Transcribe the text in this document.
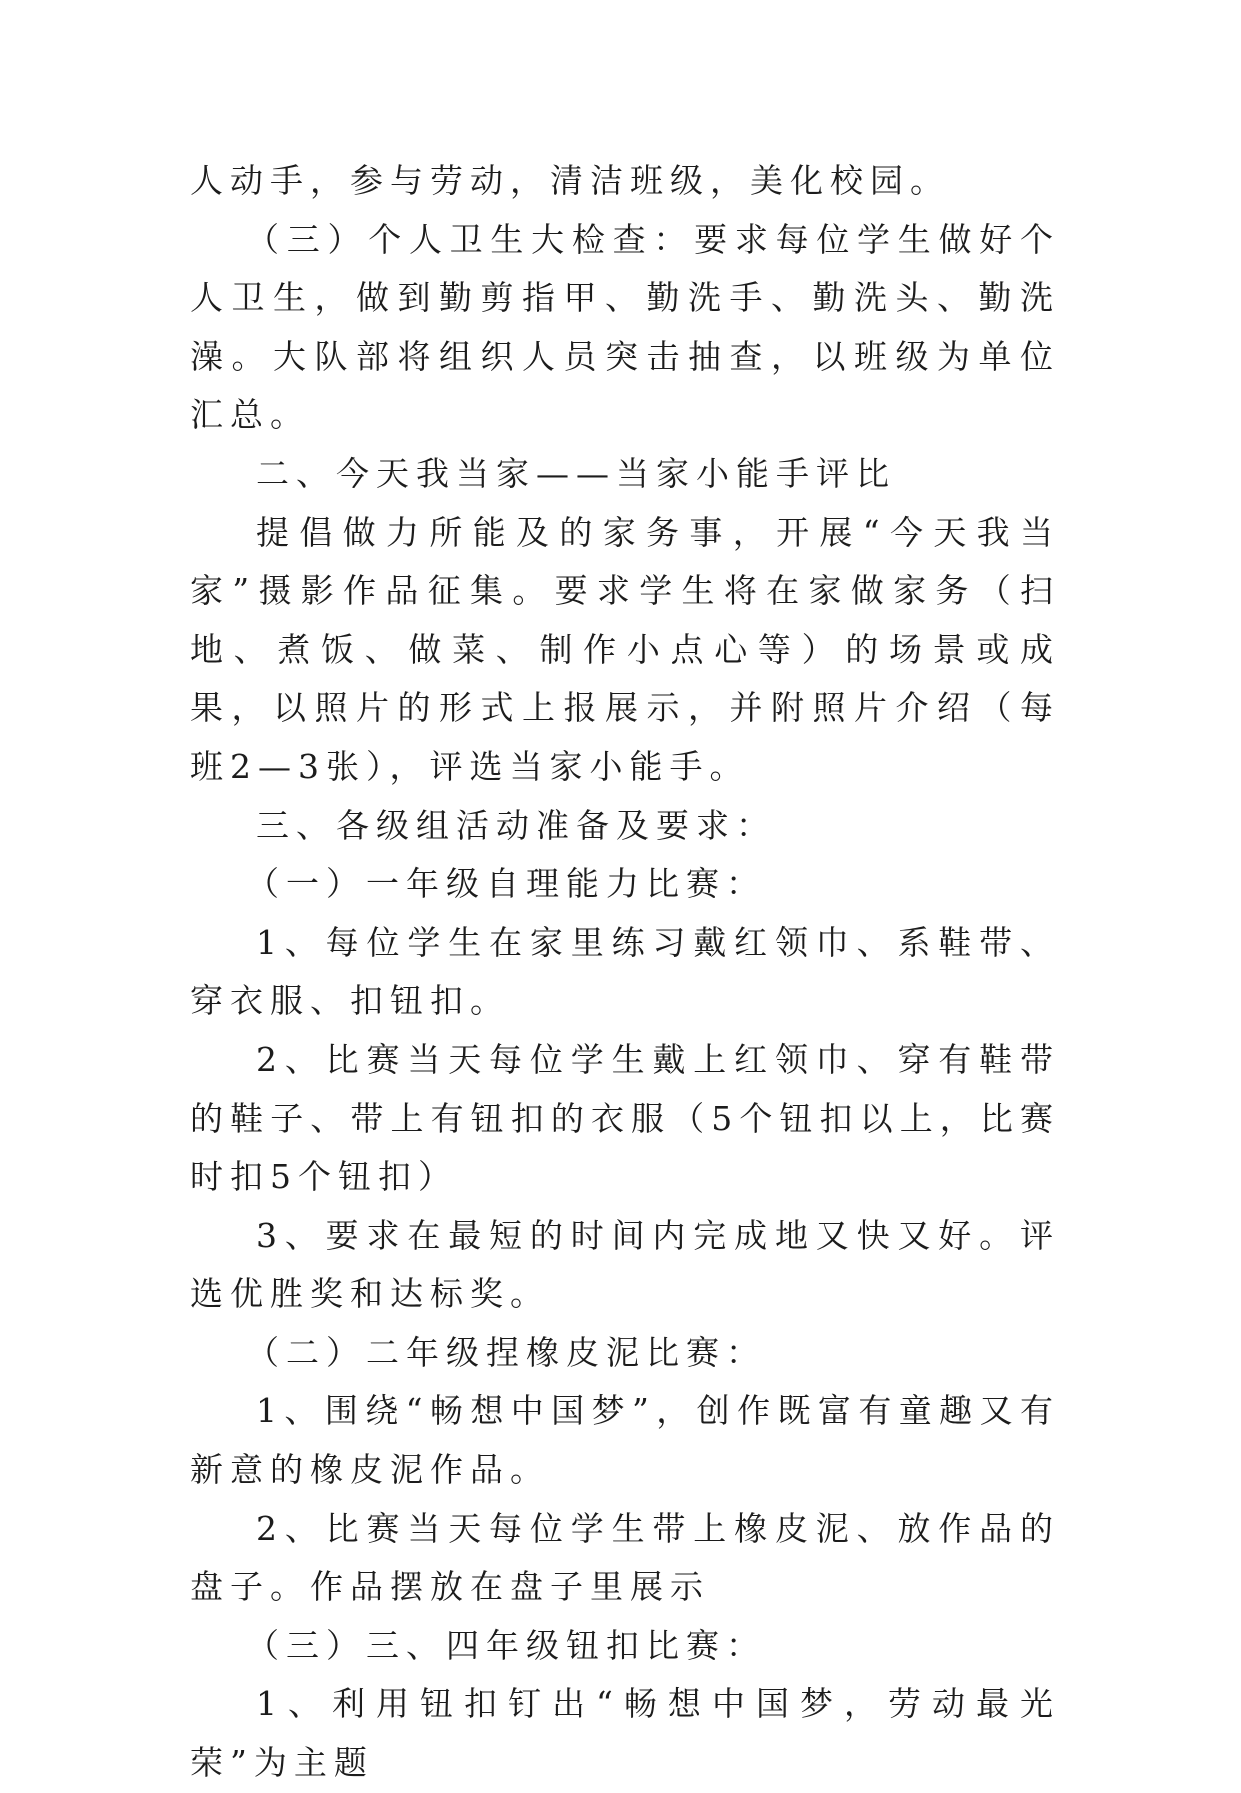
人动手，参与劳动，清洁班级，美化校园。

（三）个人卫生大检查：要求每位学生做好个人卫生，做到勤剪指甲、勤洗手、勤洗头、勤洗澡。大队部将组织人员突击抽查，以班级为单位汇总。

二、今天我当家——当家小能手评比

提倡做力所能及的家务事，开展“今天我当家”摄影作品征集。要求学生将在家做家务（扫地、煮饭、做菜、制作小点心等）的场景或成果，以照片的形式上报展示，并附照片介绍（每班2—3张），评选当家小能手。

三、各级组活动准备及要求：

（一）一年级自理能力比赛：

1、每位学生在家里练习戴红领巾、系鞋带、穿衣服、扣钮扣。

2、比赛当天每位学生戴上红领巾、穿有鞋带的鞋子、带上有钮扣的衣服（5个钮扣以上，比赛时扣5个钮扣）

3、要求在最短的时间内完成地又快又好。评选优胜奖和达标奖。

（二）二年级捏橡皮泥比赛：

1、围绕“畅想中国梦”，创作既富有童趣又有新意的橡皮泥作品。

2、比赛当天每位学生带上橡皮泥、放作品的盘子。作品摆放在盘子里展示

（三）三、四年级钮扣比赛：

1、利用钮扣钉出“畅想中国梦，劳动最光荣”为主题
